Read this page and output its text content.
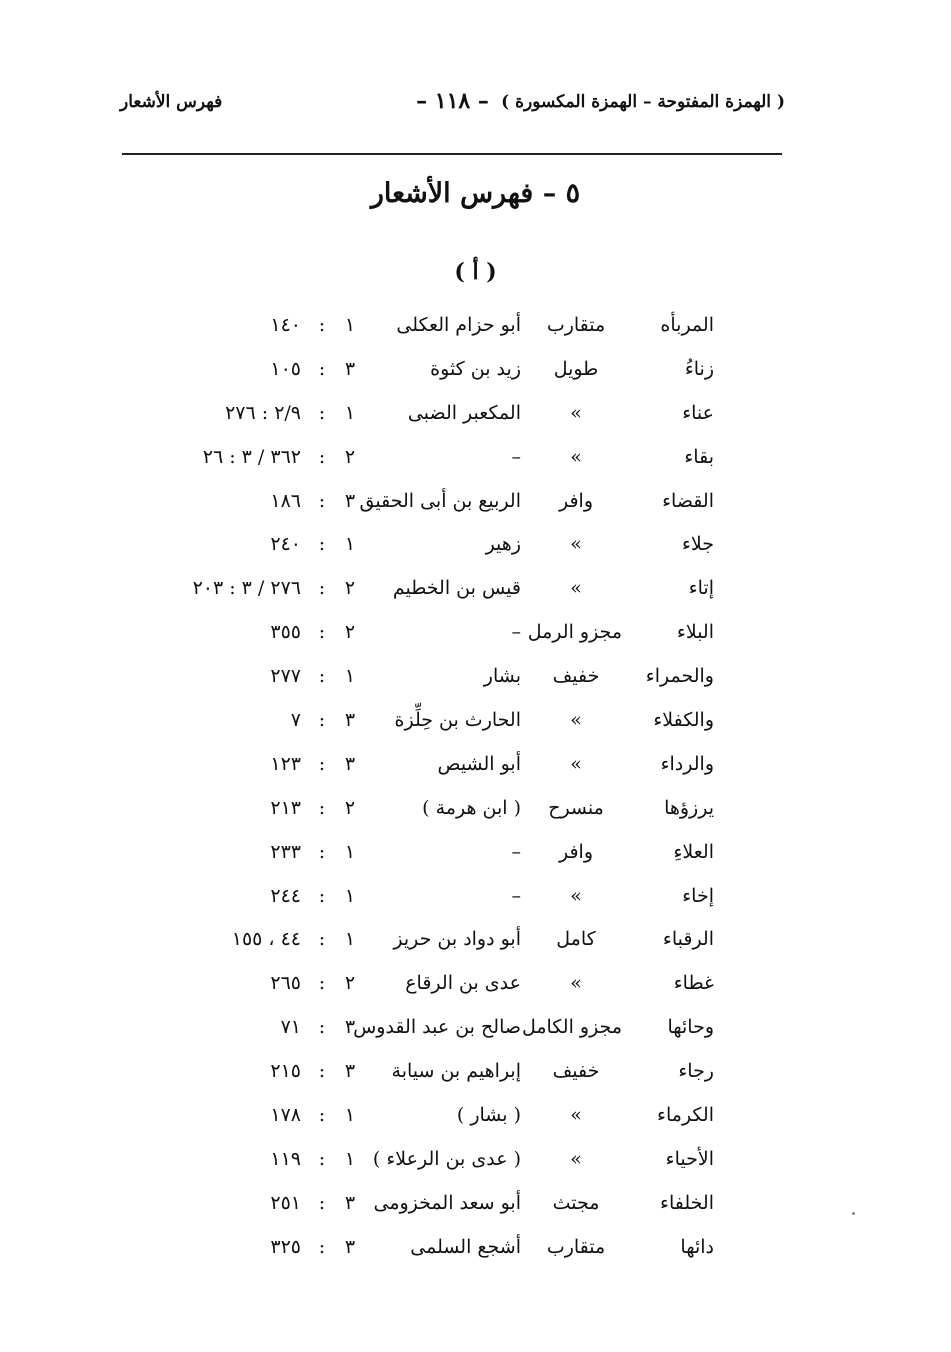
( الهمزة المفتوحة – الهمزة المكسورة )
– ١١٨ –
فهرس الأشعار
٥ – فهرس الأشعار
( أ )
المربأه
متقارب
أبو حزام العكلى
١
:
١٤٠
زناءُ
طويل
زيد بن كثوة
٣
:
١٠٥
عناء
»
المكعبر الضبى
١
:
٢/٩ : ٢٧٦
بقاء
»
–
٢
:
٣٦٢ / ٣ : ٢٦
القضاء
وافر
الربيع بن أبى الحقيق
٣
:
١٨٦
جلاء
»
زهير
١
:
٢٤٠
إتاء
»
قيس بن الخطيم
٢
:
٢٧٦ / ٣ : ٢٠٣
البلاء
مجزو الرمل
–
٢
:
٣٥٥
والحمراء
خفيف
بشار
١
:
٢٧٧
والكفلاء
»
الحارث بن حِلِّزة
٣
:
٧
والرداء
»
أبو الشيص
٣
:
١٢٣
يرزؤها
منسرح
( ابن هرمة )
٢
:
٢١٣
العلاءِ
وافر
–
١
:
٢٣٣
إخاء
»
–
١
:
٢٤٤
الرقباء
كامل
أبو دواد بن حريز
١
:
٤٤ ، ١٥٥
غطاء
»
عدى بن الرقاع
٢
:
٢٦٥
وحائها
مجزو الكامل
صالح بن عبد القدوس
٣
:
٧١
رجاء
خفيف
إبراهيم بن سيابة
٣
:
٢١٥
الكرماء
»
( بشار )
١
:
١٧٨
الأحياء
»
( عدى بن الرعلاء )
١
:
١١٩
الخلفاء
مجتث
أبو سعد المخزومى
٣
:
٢٥١
دائها
متقارب
أشجع السلمى
٣
:
٣٢٥
